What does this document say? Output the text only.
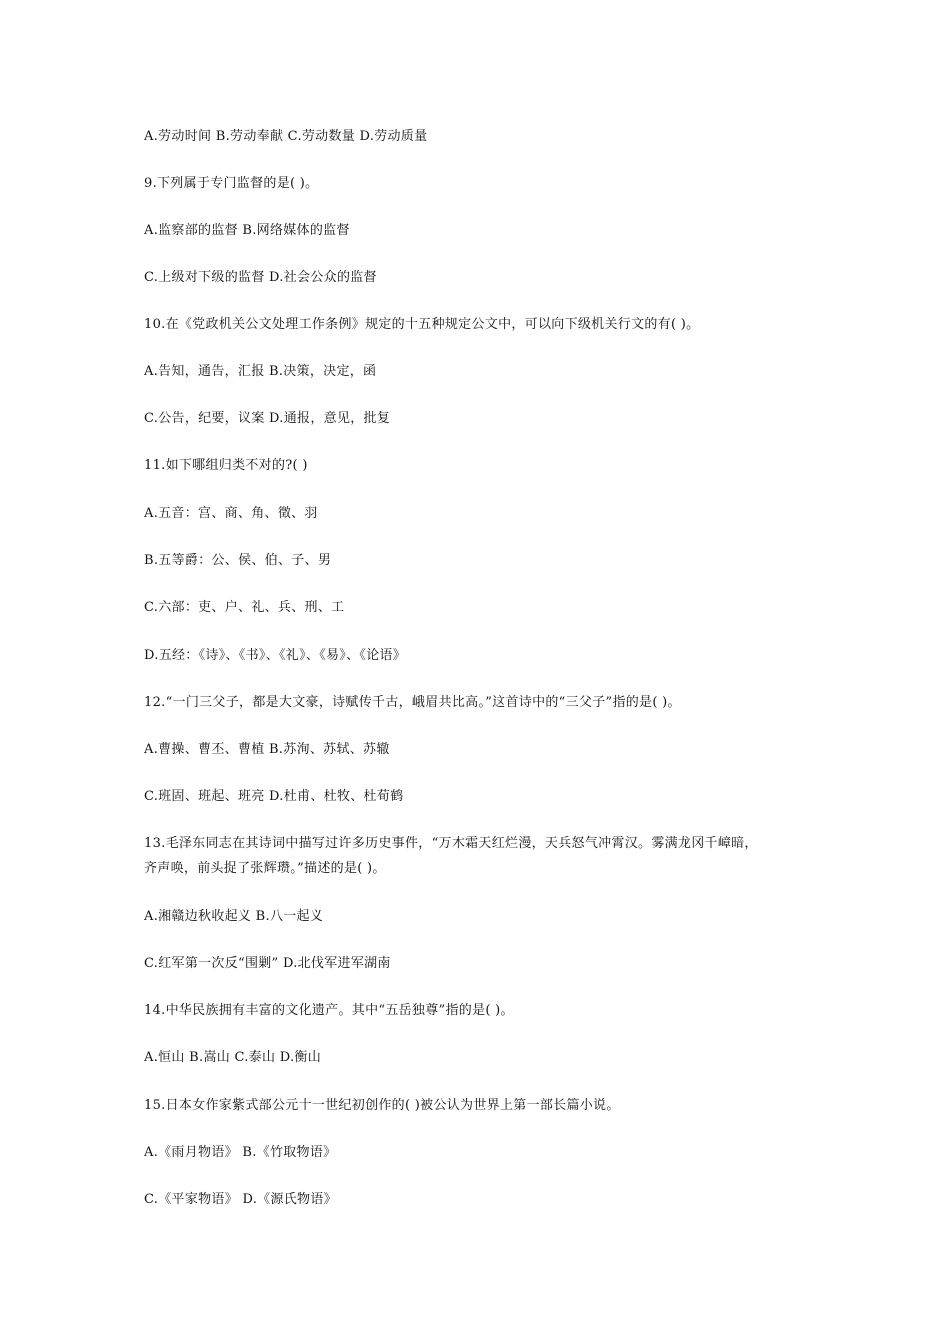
A.劳动时间 B.劳动奉献 C.劳动数量 D.劳动质量
9.下列属于专门监督的是( )。
A.监察部的监督 B.网络媒体的监督
C.上级对下级的监督 D.社会公众的监督
10.在《党政机关公文处理工作条例》规定的十五种规定公文中，可以向下级机关行文的有( )。
A.告知，通告，汇报 B.决策，决定，函
C.公告，纪要，议案 D.通报，意见，批复
11.如下哪组归类不对的?( )
A.五音：宫、商、角、徵、羽
B.五等爵：公、侯、伯、子、男
C.六部：吏、户、礼、兵、刑、工
D.五经：《诗》、《书》、《礼》、《易》、《论语》
12.“一门三父子，都是大文豪，诗赋传千古，峨眉共比高。”这首诗中的“三父子”指的是( )。
A.曹操、曹丕、曹植 B.苏洵、苏轼、苏辙
C.班固、班起、班亮 D.杜甫、杜牧、杜荀鹤
13.毛泽东同志在其诗词中描写过许多历史事件，“万木霜天红烂漫，天兵怒气冲霄汉。雾满龙冈千嶂暗，
齐声唤，前头捉了张辉瓒。”描述的是( )。
A.湘赣边秋收起义 B.八一起义
C.红军第一次反“围剿” D.北伐军进军湖南
14.中华民族拥有丰富的文化遗产。其中“五岳独尊”指的是( )。
A.恒山 B.嵩山 C.泰山 D.衡山
15.日本女作家紫式部公元十一世纪初创作的( )被公认为世界上第一部长篇小说。
A.《雨月物语》 B.《竹取物语》
C.《平家物语》 D.《源氏物语》
